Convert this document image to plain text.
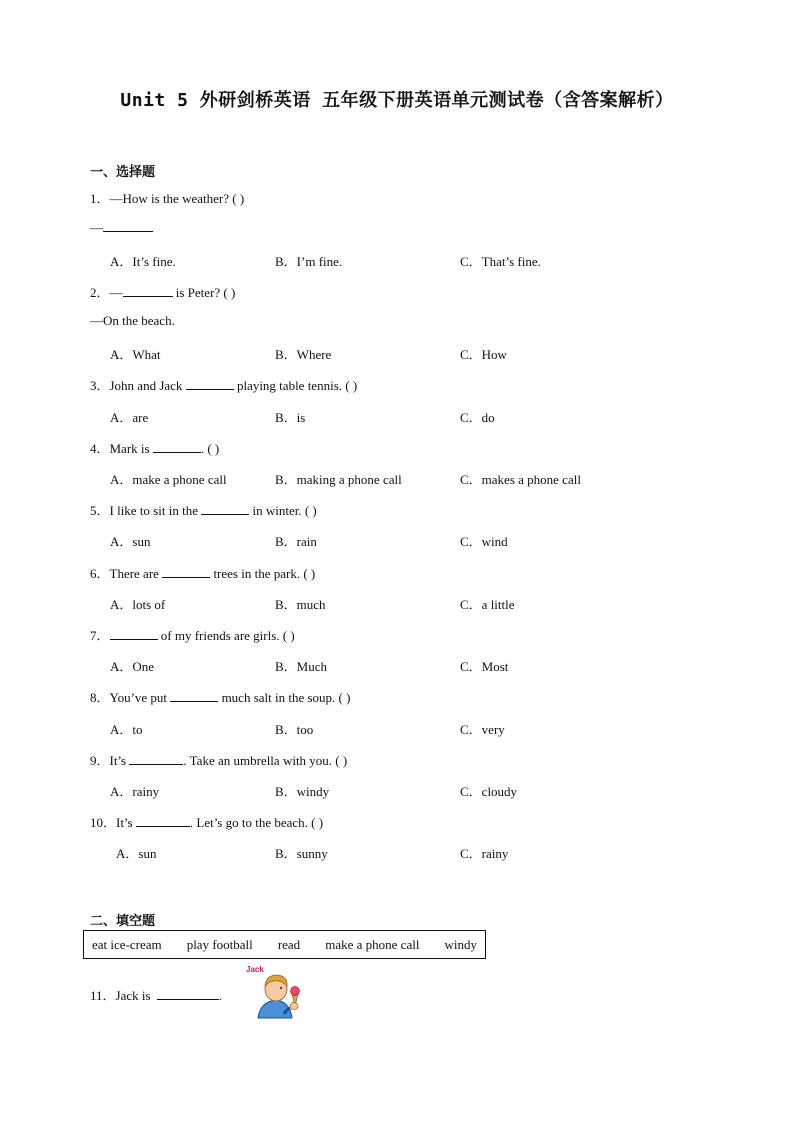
Unit 5 外研剑桥英语 五年级下册英语单元测试卷（含答案解析）
一、选择题
1．—How is the weather? ( )
—
A．It’s fine.	B．I’m fine.	C．That’s fine.
2．—	is Peter? ( )
—On the beach.
A．What	B．Where	C．How
3．John and Jack	playing table tennis. ( )
A．are	B．is	C．do
4．Mark is	. ( )
A．make a phone call	B．making a phone call	C．makes a phone call
5．I like to sit in the	in winter. ( )
A．sun	B．rain	C．wind
6．There are	trees in the park. ( )
A．lots of	B．much	C．a little
7．	of my friends are girls. ( )
A．One	B．Much	C．Most
8．You’ve put	much salt in the soup. ( )
A．to	B．too	C．very
9．It’s	. Take an umbrella with you. ( )
A．rainy	B．windy	C．cloudy
10．It’s	. Let’s go to the beach. ( )
A．sun	B．sunny	C．rainy
二、填空题
eat ice-cream play football read make a phone call windy
11．Jack is	.
Jack
